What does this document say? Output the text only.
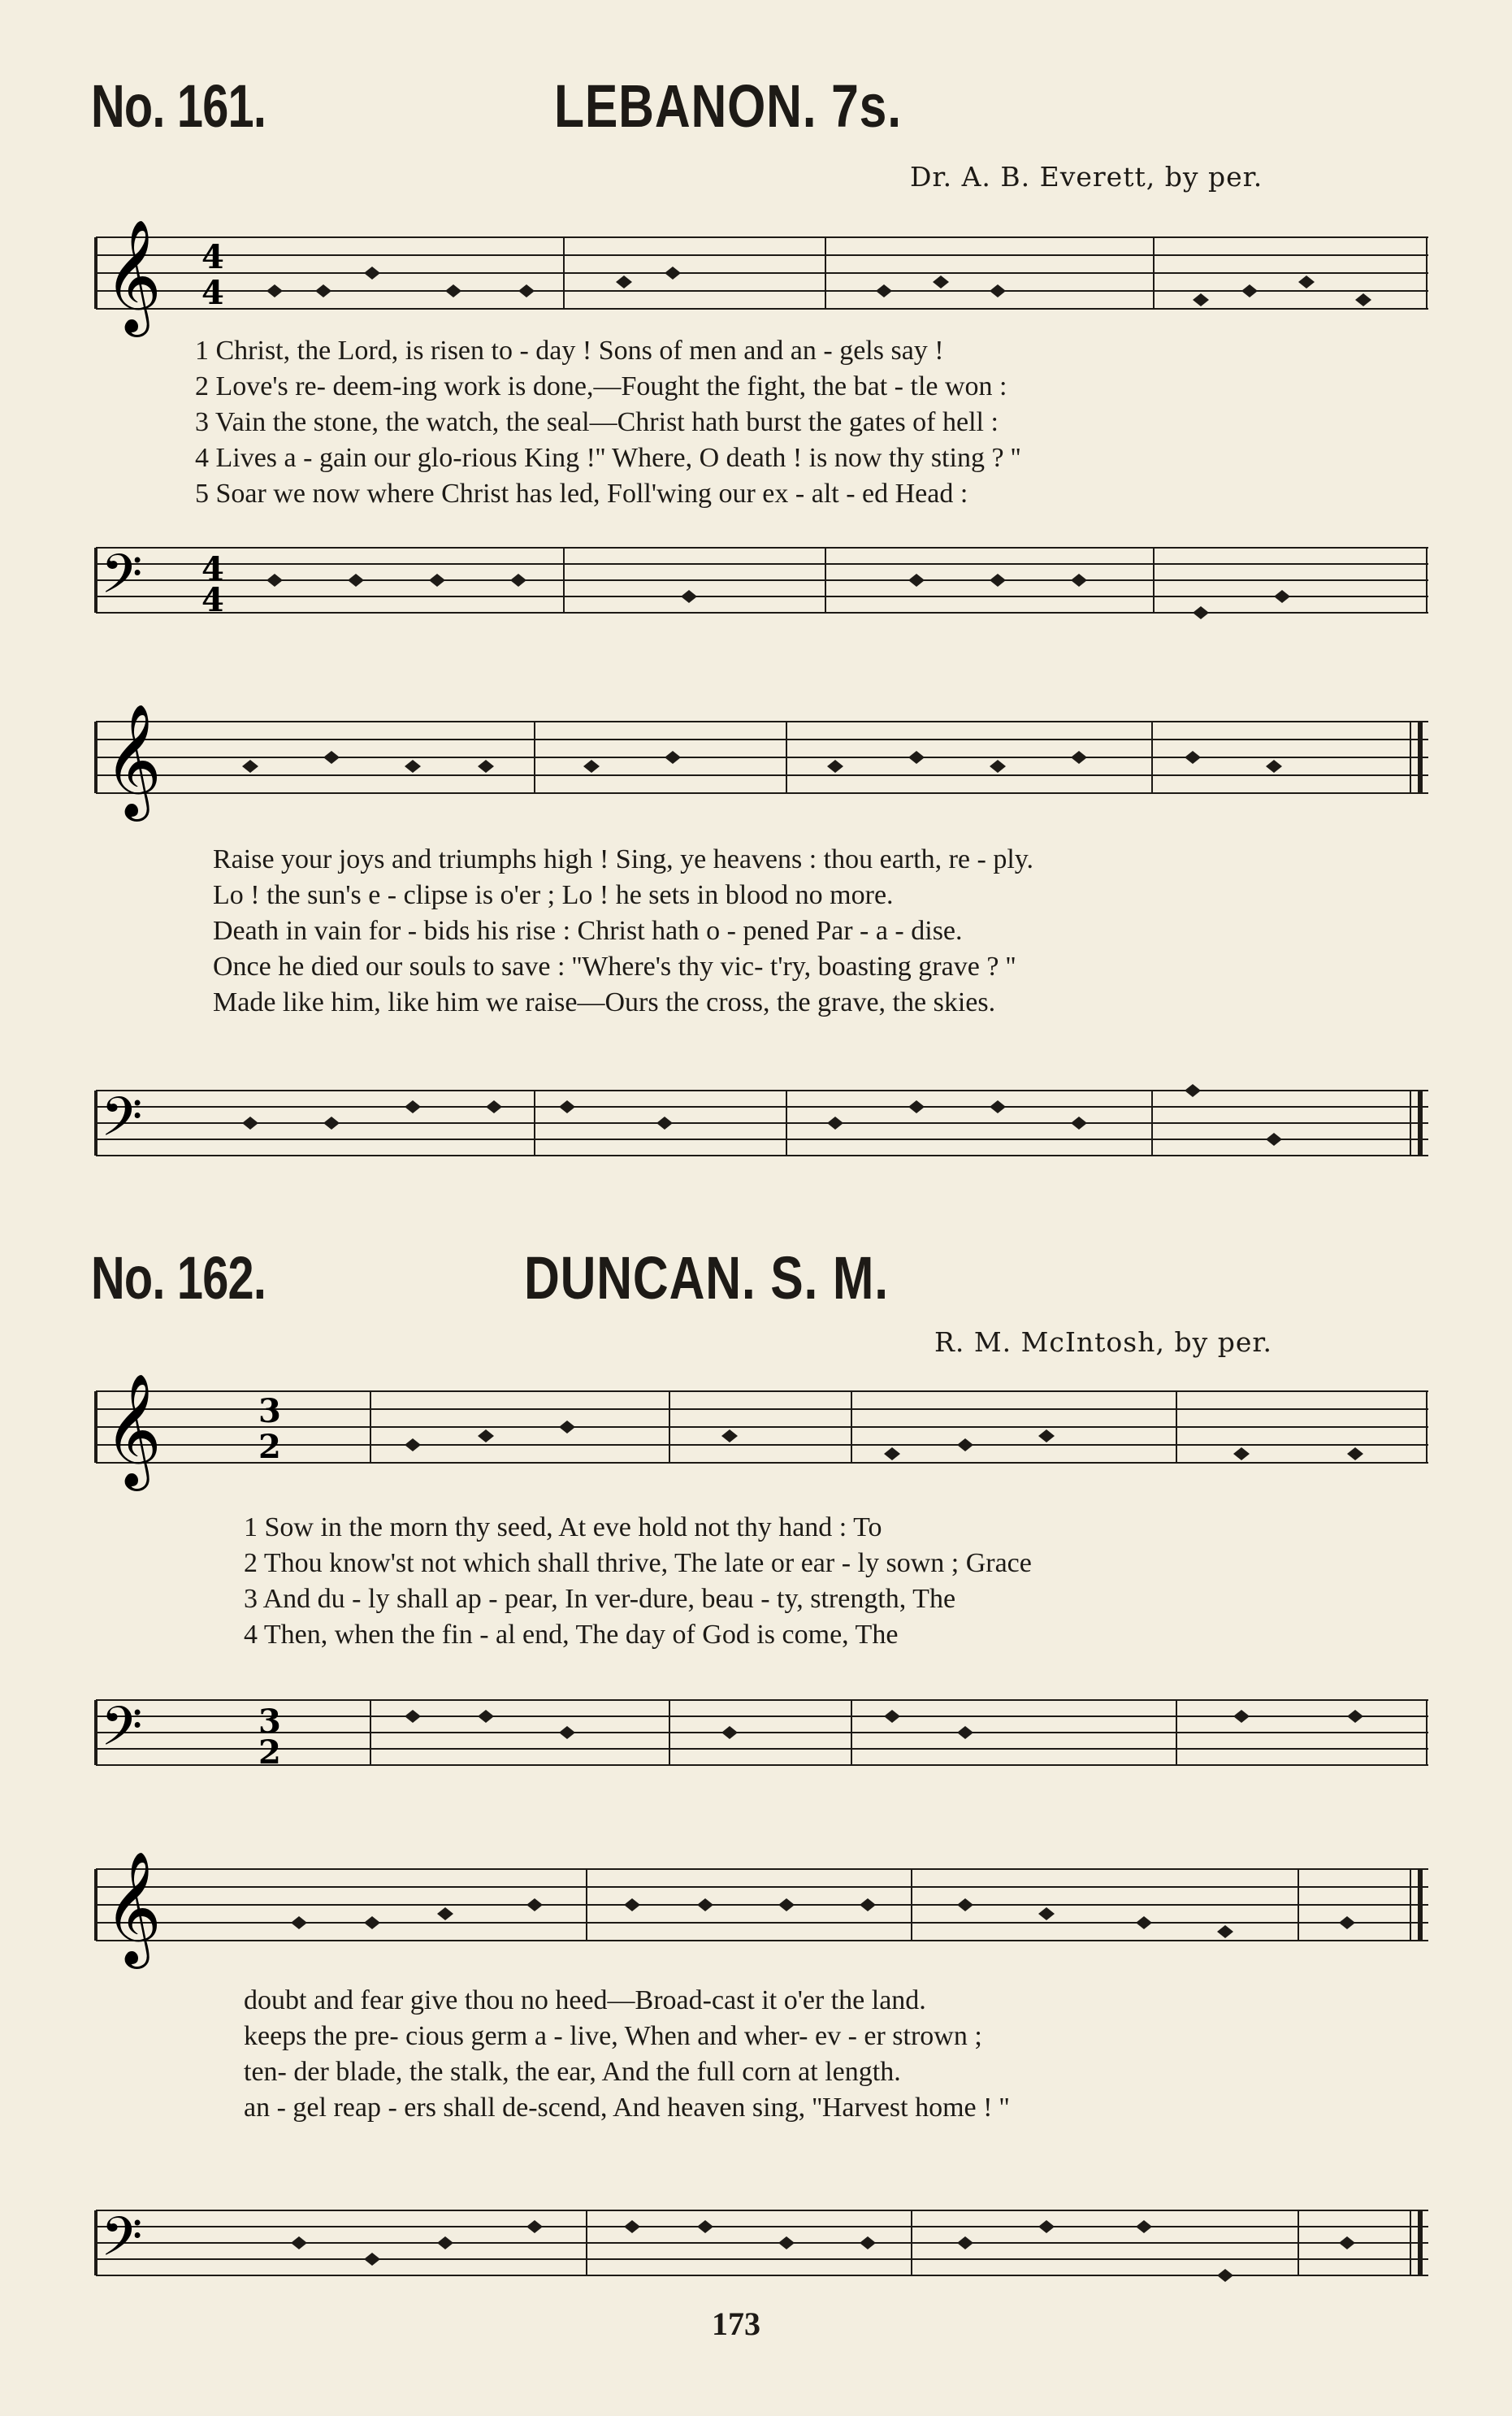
No. 161.	LEBANON. 7s.
Dr. A. B. Everett, by per.
𝄞 4
4
1 Christ, the Lord, is risen to - day ! Sons of men and an - gels say !
2 Love's re- deem-ing work is done,—Fought the fight, the bat - tle won :
3 Vain the stone, the watch, the seal—Christ hath burst the gates of hell :
4 Lives a - gain our glo-rious King !'' Where, O death ! is now thy sting ? ''
5 Soar we now where Christ has led, Foll'wing our ex - alt - ed Head :
𝄢 4
4
𝄞
Raise your joys and triumphs high ! Sing, ye heavens : thou earth, re - ply.
Lo ! the sun's e - clipse is o'er ; Lo ! he sets in blood no more.
Death in vain for - bids his rise : Christ hath o - pened Par - a - dise.
Once he died our souls to save : ''Where's thy vic- t'ry, boasting grave ? ''
Made like him, like him we raise—Ours the cross, the grave, the skies.
𝄢
No. 162.	DUNCAN. S. M.
R. M. McIntosh, by per.
𝄞	3
2
1 Sow in the morn thy seed, At eve hold not thy hand : To
2 Thou know'st not which shall thrive, The late or ear - ly sown ; Grace
3 And du - ly shall ap - pear, In ver-dure, beau - ty, strength, The
4 Then, when the fin - al end, The day of God is come, The
𝄢	3
2
𝄞
doubt and fear give thou no heed—Broad-cast it o'er the land.
keeps the pre- cious germ a - live, When and wher- ev - er strown ;
ten- der blade, the stalk, the ear, And the full corn at length.
an - gel reap - ers shall de-scend, And heaven sing, ''Harvest home ! ''
𝄢
173
